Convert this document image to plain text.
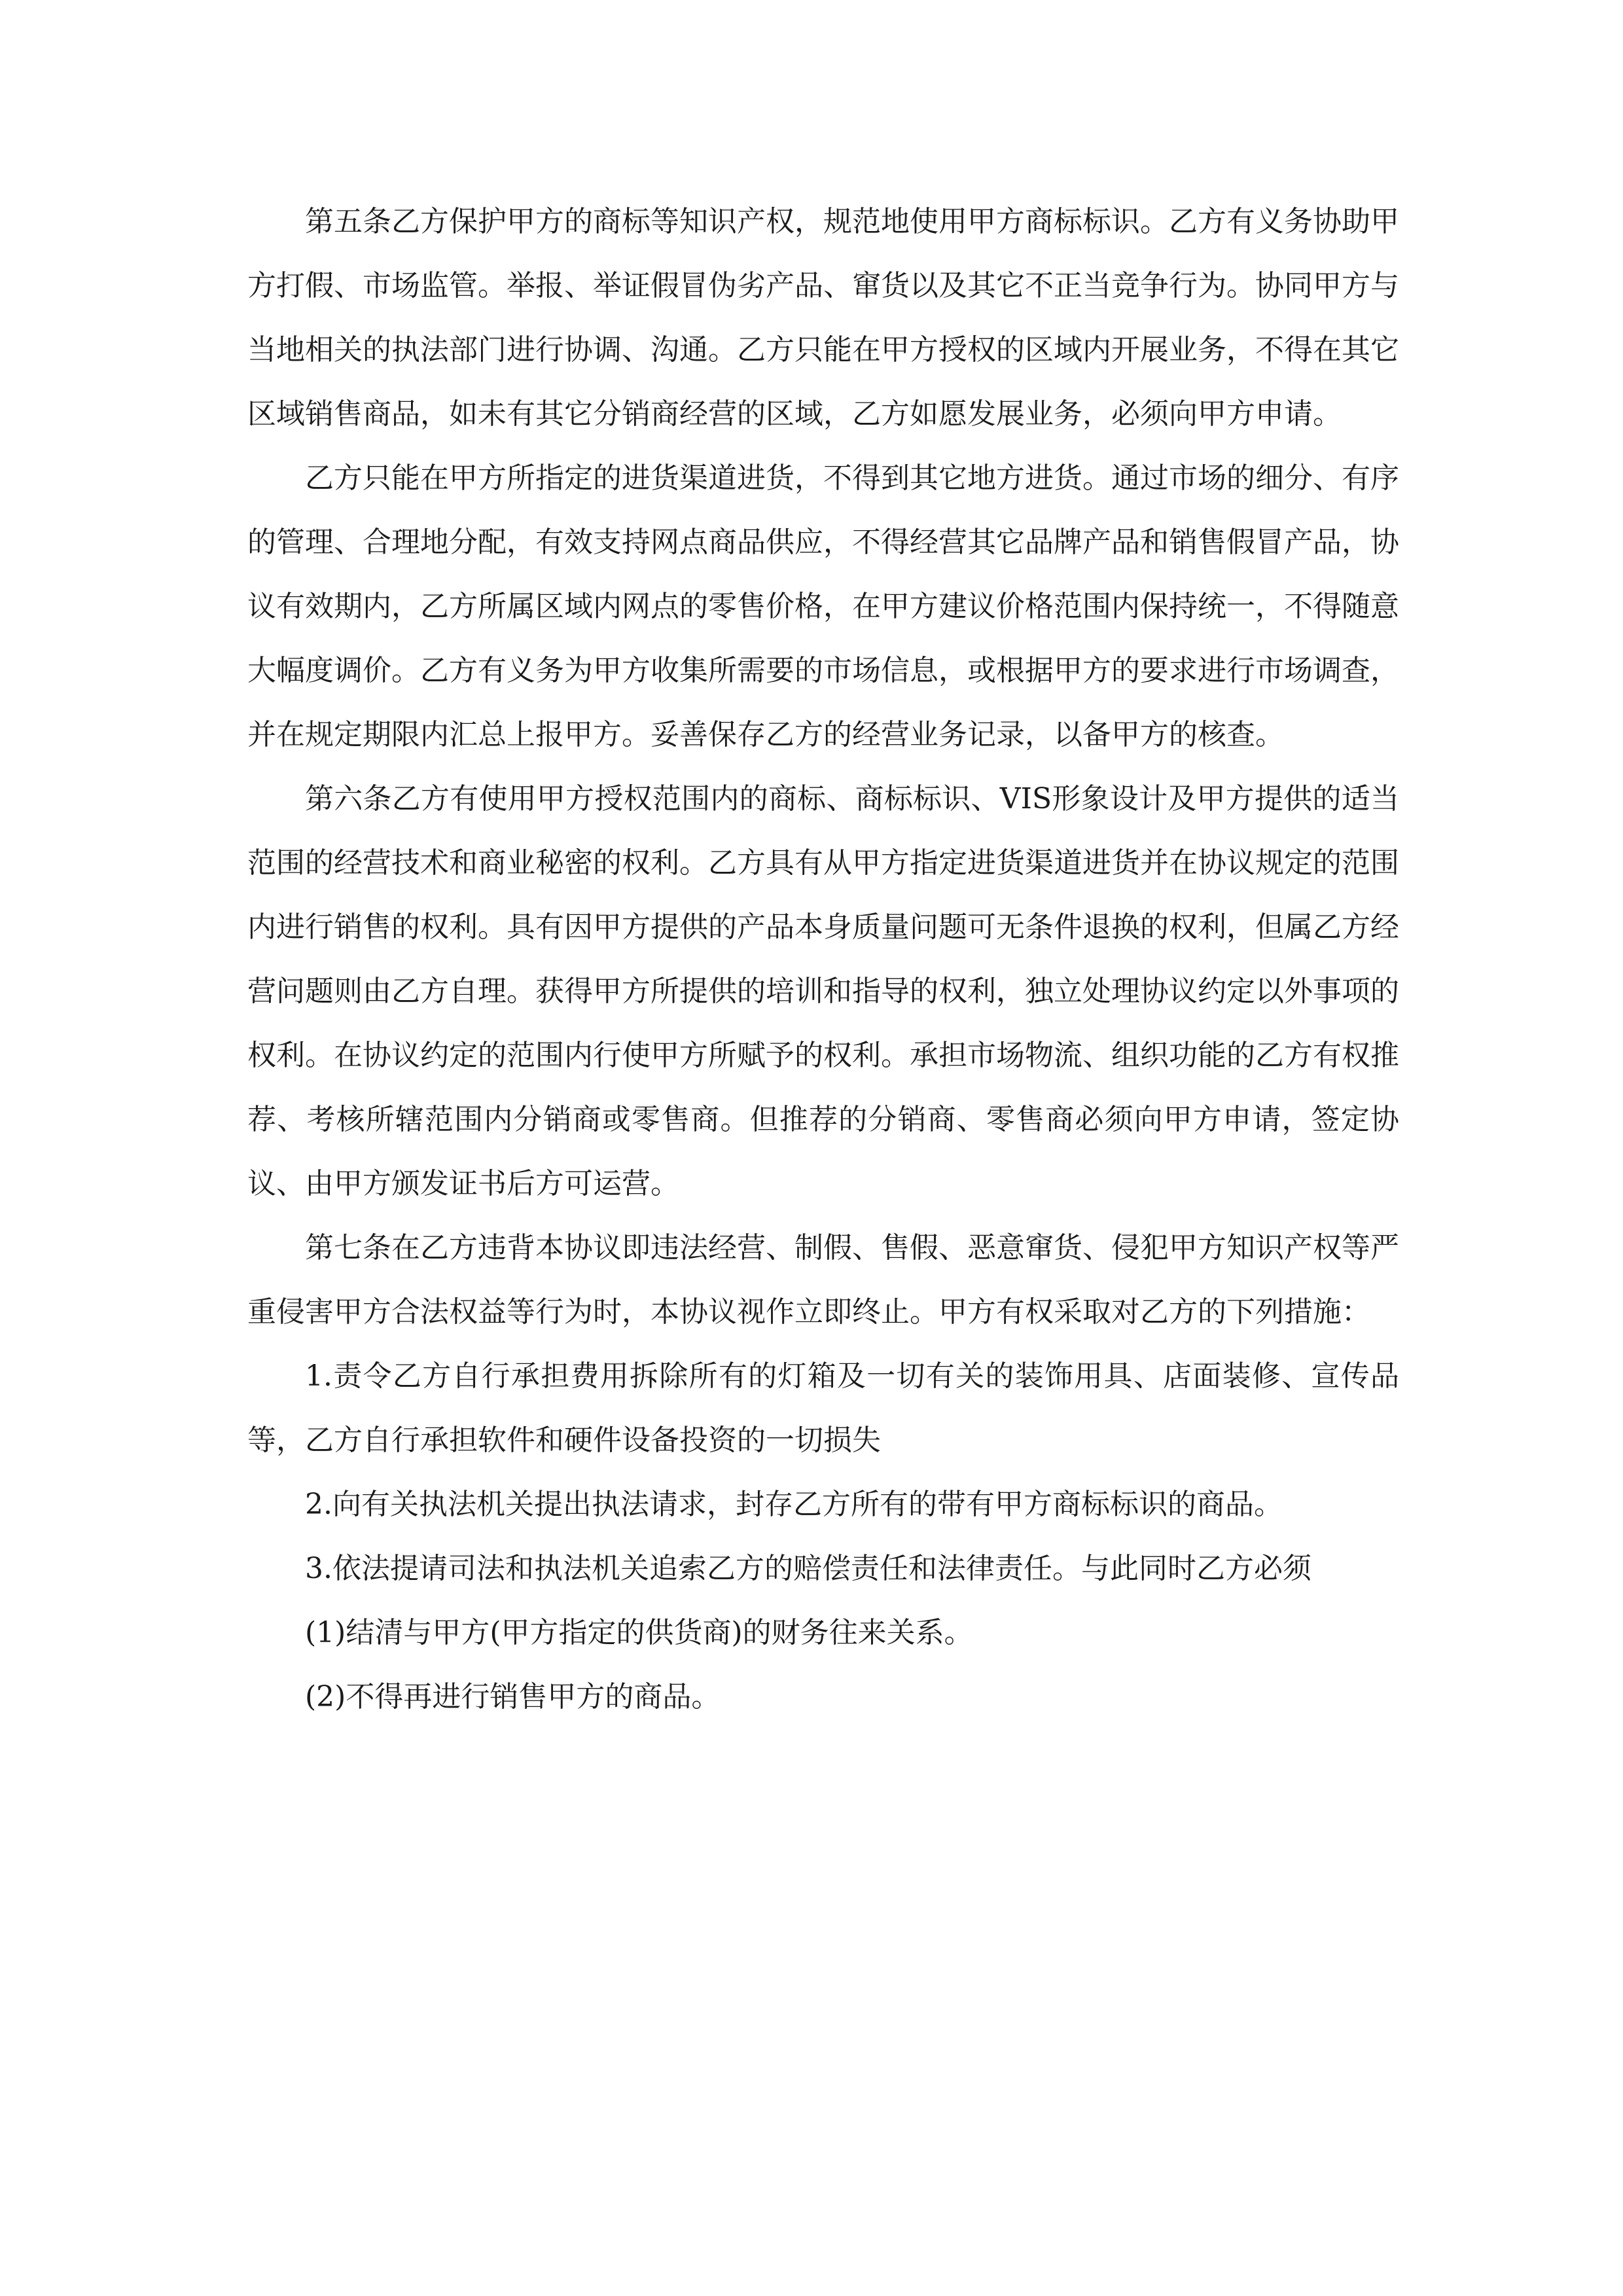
第五条乙方保护甲方的商标等知识产权，规范地使用甲方商标标识。乙方有义务协助甲方打假、市场监管。举报、举证假冒伪劣产品、窜货以及其它不正当竞争行为。协同甲方与当地相关的执法部门进行协调、沟通。乙方只能在甲方授权的区域内开展业务，不得在其它区域销售商品，如未有其它分销商经营的区域，乙方如愿发展业务，必须向甲方申请。

乙方只能在甲方所指定的进货渠道进货，不得到其它地方进货。通过市场的细分、有序的管理、合理地分配，有效支持网点商品供应，不得经营其它品牌产品和销售假冒产品，协议有效期内，乙方所属区域内网点的零售价格，在甲方建议价格范围内保持统一，不得随意大幅度调价。乙方有义务为甲方收集所需要的市场信息，或根据甲方的要求进行市场调查，并在规定期限内汇总上报甲方。妥善保存乙方的经营业务记录，以备甲方的核查。

第六条乙方有使用甲方授权范围内的商标、商标标识、VIS形象设计及甲方提供的适当范围的经营技术和商业秘密的权利。乙方具有从甲方指定进货渠道进货并在协议规定的范围内进行销售的权利。具有因甲方提供的产品本身质量问题可无条件退换的权利，但属乙方经营问题则由乙方自理。获得甲方所提供的培训和指导的权利，独立处理协议约定以外事项的权利。在协议约定的范围内行使甲方所赋予的权利。承担市场物流、组织功能的乙方有权推荐、考核所辖范围内分销商或零售商。但推荐的分销商、零售商必须向甲方申请，签定协议、由甲方颁发证书后方可运营。

第七条在乙方违背本协议即违法经营、制假、售假、恶意窜货、侵犯甲方知识产权等严重侵害甲方合法权益等行为时，本协议视作立即终止。甲方有权采取对乙方的下列措施：

1.责令乙方自行承担费用拆除所有的灯箱及一切有关的装饰用具、店面装修、宣传品等，乙方自行承担软件和硬件设备投资的一切损失

2.向有关执法机关提出执法请求，封存乙方所有的带有甲方商标标识的商品。

3.依法提请司法和执法机关追索乙方的赔偿责任和法律责任。与此同时乙方必须

(1)结清与甲方(甲方指定的供货商)的财务往来关系。

(2)不得再进行销售甲方的商品。
